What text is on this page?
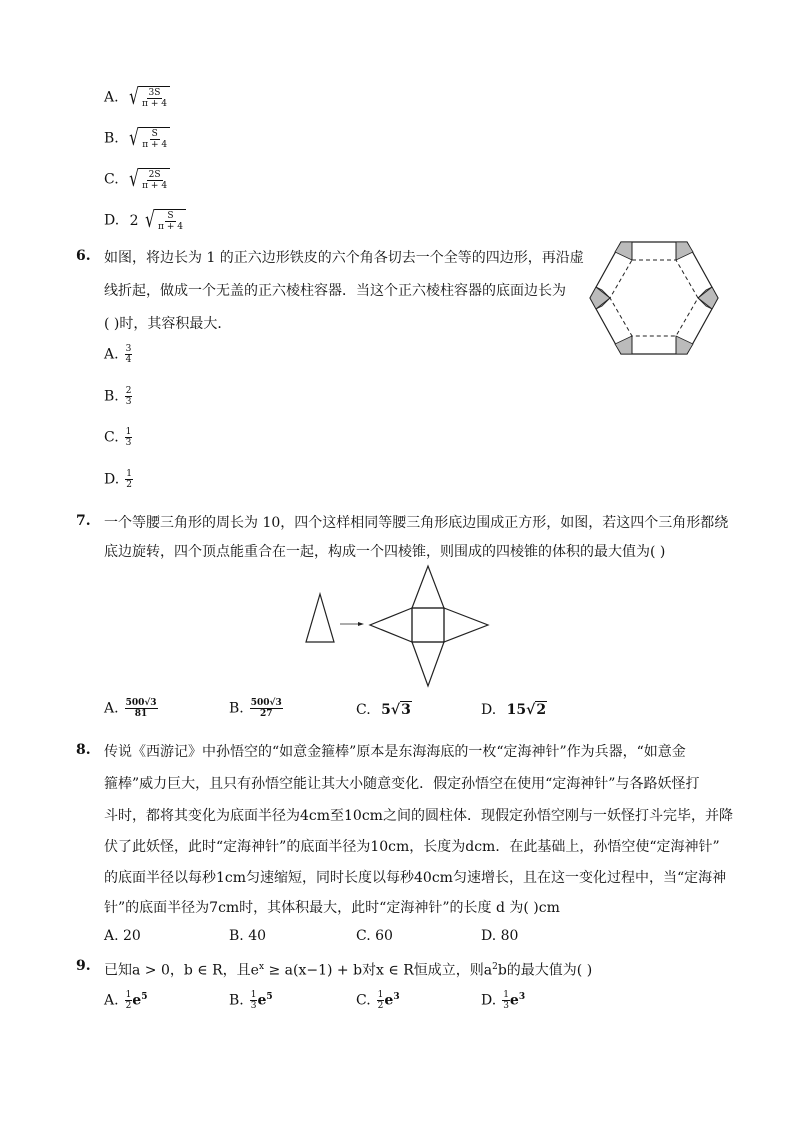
A. √ 3S
π + 4
B. √ S
π + 4
C. √ 2S
π + 4
D. 2 √ S
π + 4
6. 如图，将边长为 1 的正六边形铁皮的六个角各切去一个全等的四边形，再沿虚
线折起，做成一个无盖的正六棱柱容器．当这个正六棱柱容器的底面边长为
( )时，其容积最大．
A. $\frac{3}{4}$
B. $\frac{2}{3}$
C. $\frac{1}{3}$
D. $\frac{1}{2}$
7. 一个等腰三角形的周长为 10，四个这样相同等腰三角形底边围成正方形，如图，若这四个三角形都绕
底边旋转，四个顶点能重合在一起，构成一个四棱锥，则围成的四棱锥的体积的最大值为( )
A. $\frac{500√3}{81}$	B. $\frac{500√3}{27}$	C. 5√3	D. 15√2
8. 传说《西游记》中孙悟空的“如意金箍棒”原本是东海海底的一枚“定海神针”作为兵器，“如意金
箍棒”威力巨大，且只有孙悟空能让其大小随意变化．假定孙悟空在使用“定海神针”与各路妖怪打
斗时，都将其变化为底面半径为4cm至10cm之间的圆柱体．现假定孙悟空刚与一妖怪打斗完毕，并降
伏了此妖怪，此时“定海神针”的底面半径为10cm，长度为dcm．在此基础上，孙悟空使“定海神针”
的底面半径以每秒1cm匀速缩短，同时长度以每秒40cm匀速增长，且在这一变化过程中，当“定海神
针”的底面半径为7cm时，其体积最大，此时“定海神针”的长度 d 为( )cm
A. 20	B. 40	C. 60	D. 80
9. 已知a > 0，b ∈ R，且$e^x \ge a(x-1) + b$对x ∈ R恒成立，则$a^2b$的最大值为( )
A. $\frac{1}{2} e^5$	B. $\frac{1}{3} e^5$	C. $\frac{1}{2} e^3$	D. $\frac{1}{3} e^3$
